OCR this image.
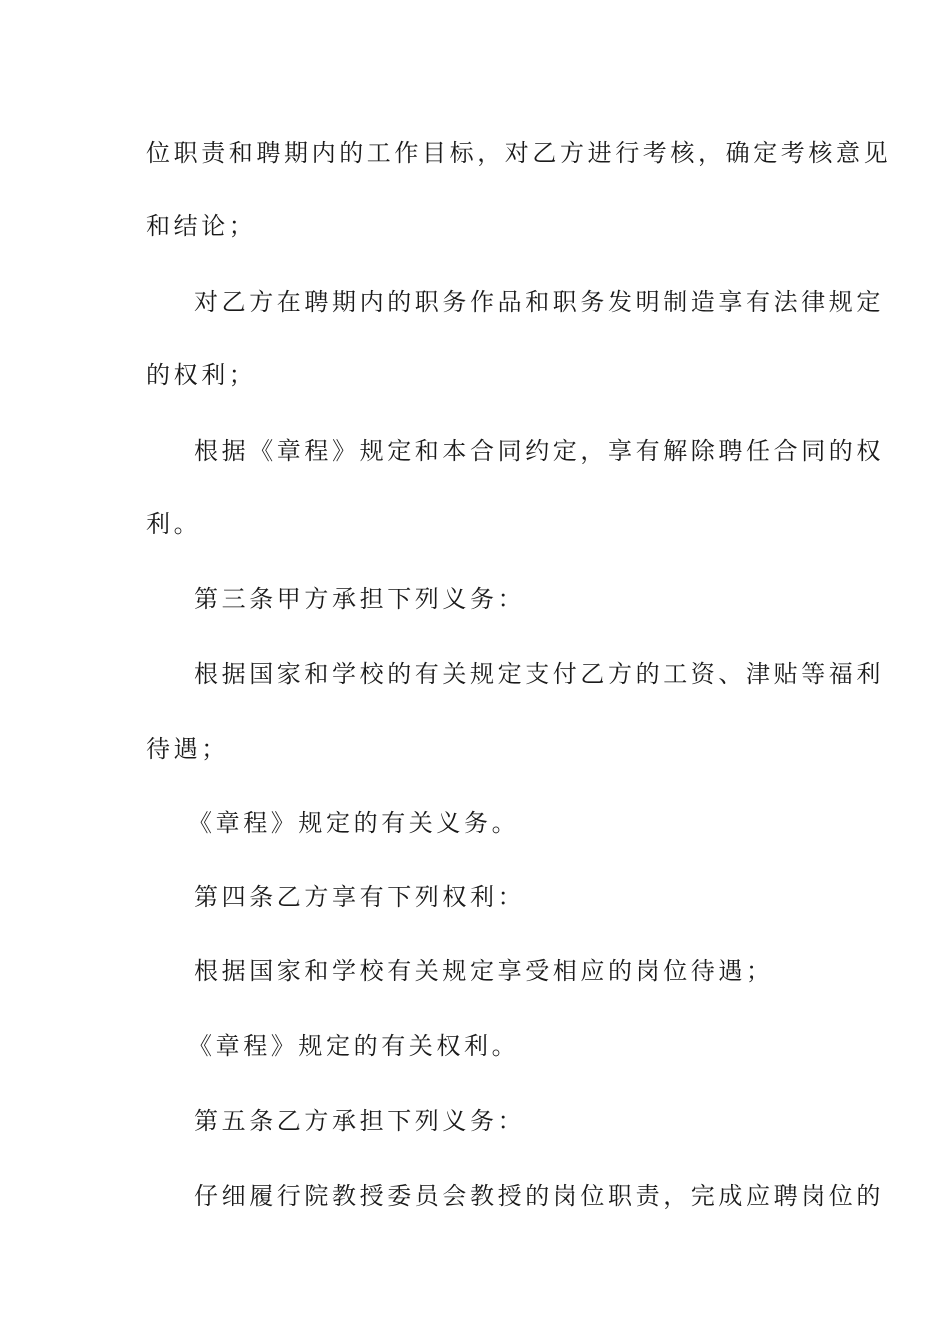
位职责和聘期内的工作目标，对乙方进行考核，确定考核意见
和结论；
对乙方在聘期内的职务作品和职务发明制造享有法律规定
的权利；
根据《章程》规定和本合同约定，享有解除聘任合同的权
利。
第三条甲方承担下列义务：
根据国家和学校的有关规定支付乙方的工资、津贴等福利
待遇；
《章程》规定的有关义务。
第四条乙方享有下列权利：
根据国家和学校有关规定享受相应的岗位待遇；
《章程》规定的有关权利。
第五条乙方承担下列义务：
仔细履行院教授委员会教授的岗位职责，完成应聘岗位的
